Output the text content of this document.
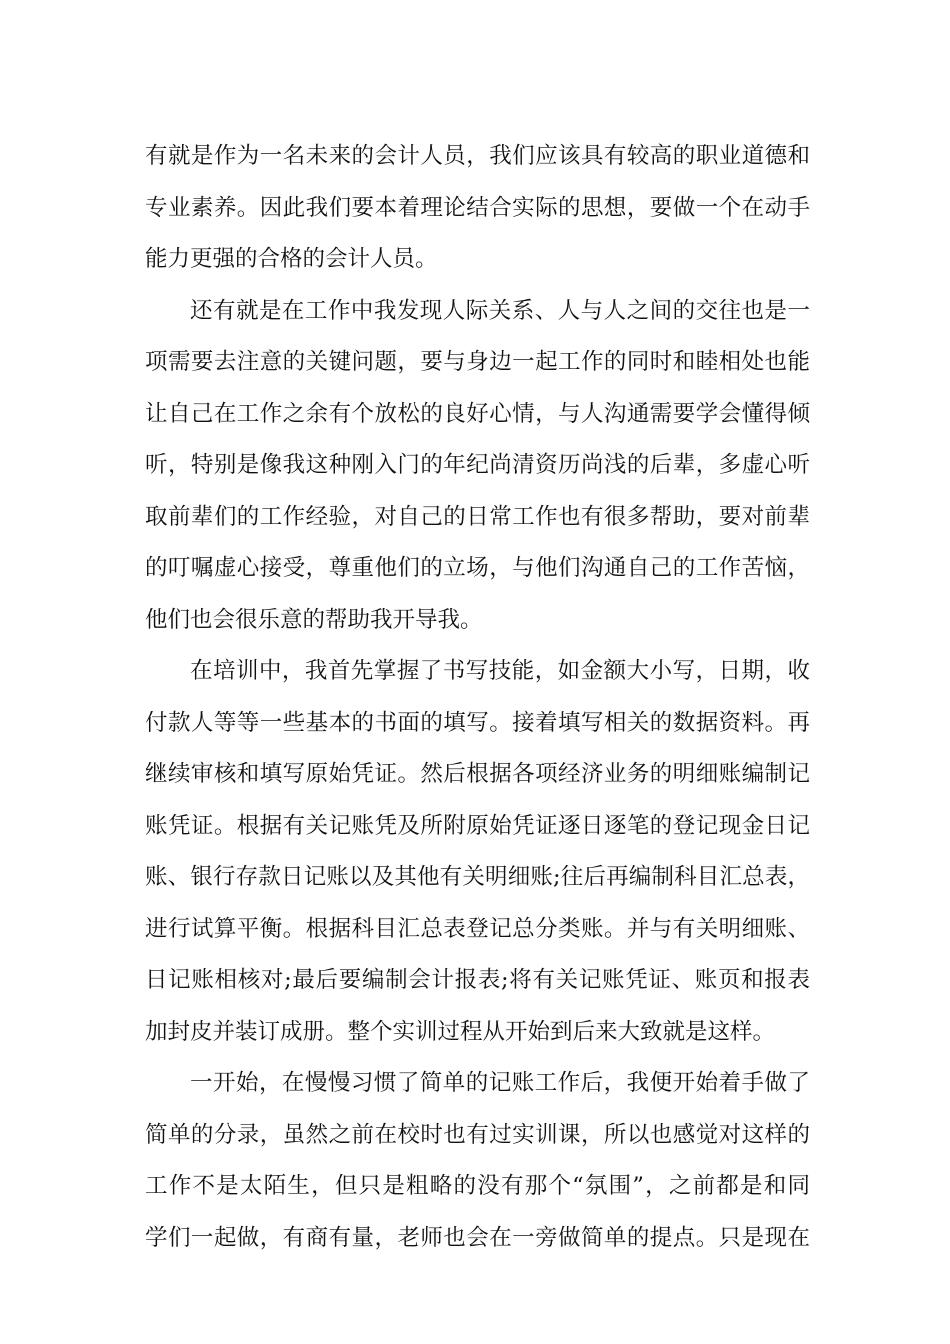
有就是作为一名未来的会计人员，我们应该具有较高的职业道德和
专业素养。因此我们要本着理论结合实际的思想，要做一个在动手
能力更强的合格的会计人员。
还有就是在工作中我发现人际关系、人与人之间的交往也是一
项需要去注意的关键问题，要与身边一起工作的同时和睦相处也能
让自己在工作之余有个放松的良好心情，与人沟通需要学会懂得倾
听，特别是像我这种刚入门的年纪尚清资历尚浅的后辈，多虚心听
取前辈们的工作经验，对自己的日常工作也有很多帮助，要对前辈
的叮嘱虚心接受，尊重他们的立场，与他们沟通自己的工作苦恼，
他们也会很乐意的帮助我开导我。
在培训中，我首先掌握了书写技能，如金额大小写，日期，收
付款人等等一些基本的书面的填写。接着填写相关的数据资料。再
继续审核和填写原始凭证。然后根据各项经济业务的明细账编制记
账凭证。根据有关记账凭及所附原始凭证逐日逐笔的登记现金日记
账、银行存款日记账以及其他有关明细账;往后再编制科目汇总表，
进行试算平衡。根据科目汇总表登记总分类账。并与有关明细账、
日记账相核对;最后要编制会计报表;将有关记账凭证、账页和报表
加封皮并装订成册。整个实训过程从开始到后来大致就是这样。
一开始，在慢慢习惯了简单的记账工作后，我便开始着手做了
简单的分录，虽然之前在校时也有过实训课，所以也感觉对这样的
工作不是太陌生，但只是粗略的没有那个“氛围”，之前都是和同
学们一起做，有商有量，老师也会在一旁做简单的提点。只是现在
